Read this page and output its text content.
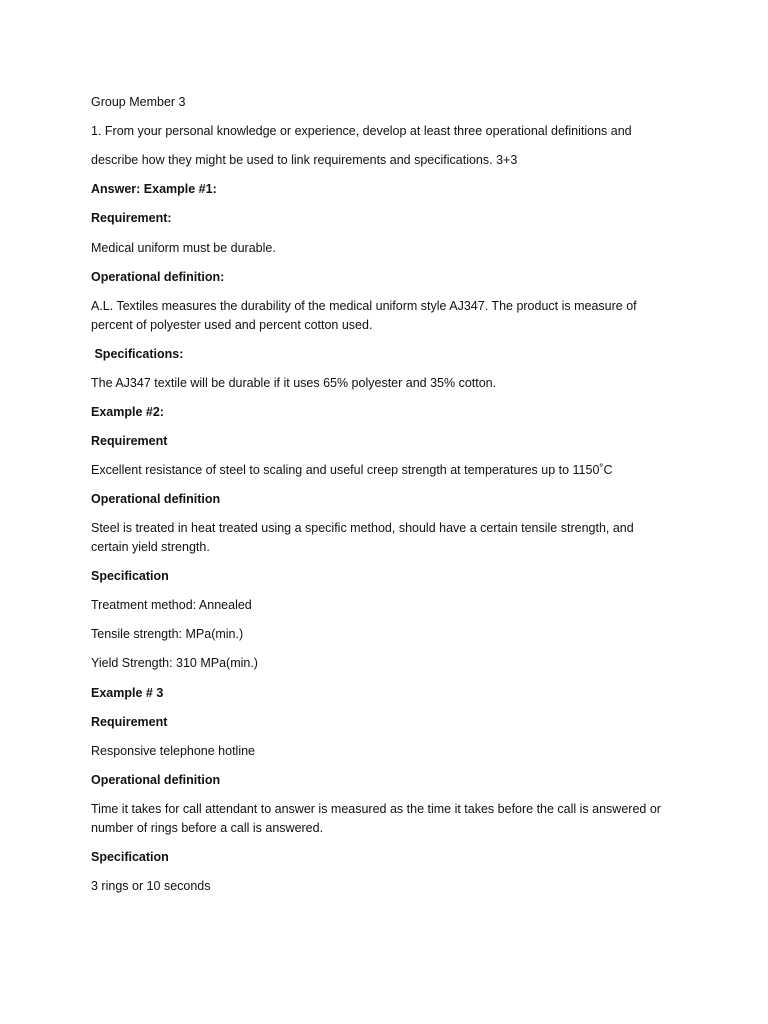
Group Member 3
1. From your personal knowledge or experience, develop at least three operational definitions and
describe how they might be used to link requirements and specifications. 3+3
Answer: Example #1:
Requirement:
Medical uniform must be durable.
Operational definition:
A.L. Textiles measures the durability of the medical uniform style AJ347. The product is measure of
percent of polyester used and percent cotton used.
Specifications:
The AJ347 textile will be durable if it uses 65% polyester and 35% cotton.
Example #2:
Requirement
Excellent resistance of steel to scaling and useful creep strength at temperatures up to 1150˚C
Operational definition
Steel is treated in heat treated using a specific method, should have a certain tensile strength, and
certain yield strength.
Specification
Treatment method: Annealed
Tensile strength: MPa(min.)
Yield Strength: 310 MPa(min.)
Example # 3
Requirement
Responsive telephone hotline
Operational definition
Time it takes for call attendant to answer is measured as the time it takes before the call is answered or
number of rings before a call is answered.
Specification
3 rings or 10 seconds
